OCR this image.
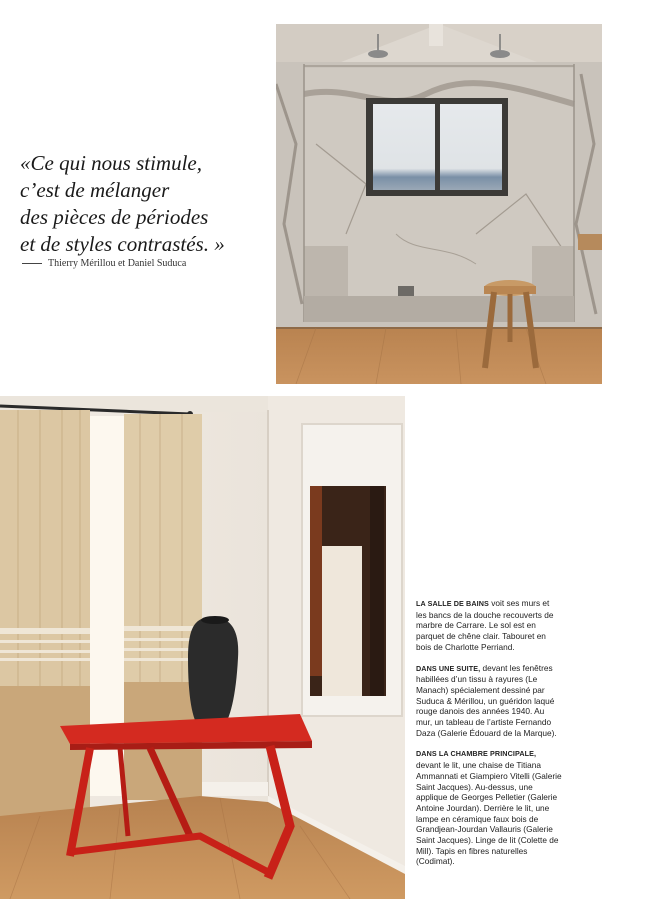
«Ce qui nous stimule,
c’est de mélanger
des pièces de périodes
et de styles contrastés. »

Thierry Mérillou et Daniel Suduca

LA SALLE DE BAINS voit ses murs et les bancs de la douche recouverts de marbre de Carrare. Le sol est en parquet de chêne clair. Tabouret en bois de Charlotte Perriand.

DANS UNE SUITE, devant les fenêtres habillées d’un tissu à rayures (Le Manach) spécialement dessiné par Suduca & Mérillou, un guéridon laqué rouge danois des années 1940. Au mur, un tableau de l’artiste Fernando Daza (Galerie Édouard de la Marque).

DANS LA CHAMBRE PRINCIPALE, devant le lit, une chaise de Titiana Ammannati et Giampiero Vitelli (Galerie Saint Jacques). Au-dessus, une applique de Georges Pelletier (Galerie Antoine Jourdan). Derrière le lit, une lampe en céramique faux bois de Grandjean-Jourdan Vallauris (Galerie Saint Jacques). Linge de lit (Colette de Mill). Tapis en fibres naturelles (Codimat).
